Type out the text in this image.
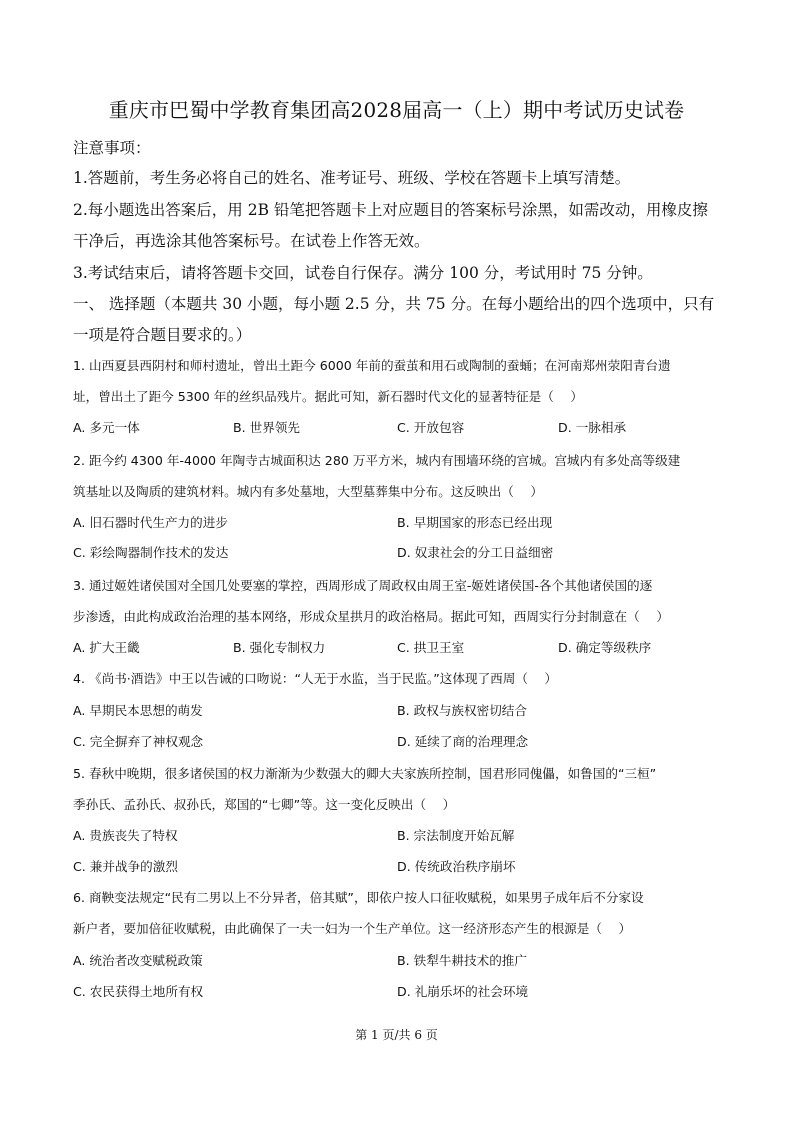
重庆市巴蜀中学教育集团高2028届高一（上）期中考试历史试卷
注意事项：
1.答题前，考生务必将自己的姓名、准考证号、班级、学校在答题卡上填写清楚。
2.每小题选出答案后，用 2B 铅笔把答题卡上对应题目的答案标号涂黑，如需改动，用橡皮擦
干净后，再选涂其他答案标号。在试卷上作答无效。
3.考试结束后，请将答题卡交回，试卷自行保存。满分 100 分，考试用时 75 分钟。
一、 选择题（本题共 30 小题，每小题 2.5 分，共 75 分。在每小题给出的四个选项中，只有
一项是符合题目要求的。）
1. 山西夏县西阴村和师村遗址，曾出土距今 6000 年前的蚕茧和用石或陶制的蚕蛹；在河南郑州荥阳青台遗
址，曾出土了距今 5300 年的丝织品残片。据此可知，新石器时代文化的显著特征是（　 ）
A. 多元一体	B. 世界领先	C. 开放包容	D. 一脉相承
2. 距今约 4300 年-4000 年陶寺古城面积达 280 万平方米，城内有围墙环绕的宫城。宫城内有多处高等级建
筑基址以及陶质的建筑材料。城内有多处墓地，大型墓葬集中分布。这反映出（　 ）
A. 旧石器时代生产力的进步	B. 早期国家的形态已经出现
C. 彩绘陶器制作技术的发达	D. 奴隶社会的分工日益细密
3. 通过姬姓诸侯国对全国几处要塞的掌控，西周形成了周政权由周王室-姬姓诸侯国-各个其他诸侯国的逐
步渗透，由此构成政治治理的基本网络，形成众星拱月的政治格局。据此可知，西周实行分封制意在（　 ）
A. 扩大王畿	B. 强化专制权力	C. 拱卫王室	D. 确定等级秩序
4. 《尚书·酒诰》中王以告诫的口吻说：“人无于水监，当于民监。”这体现了西周（　 ）
A. 早期民本思想的萌发	B. 政权与族权密切结合
C. 完全摒弃了神权观念	D. 延续了商的治理理念
5. 春秋中晚期，很多诸侯国的权力渐渐为少数强大的卿大夫家族所控制，国君形同傀儡，如鲁国的“三桓”
季孙氏、孟孙氏、叔孙氏，郑国的“七卿”等。这一变化反映出（　 ）
A. 贵族丧失了特权	B. 宗法制度开始瓦解
C. 兼并战争的激烈	D. 传统政治秩序崩坏
6. 商鞅变法规定“民有二男以上不分异者，倍其赋”，即依户按人口征收赋税，如果男子成年后不分家设
新户者，要加倍征收赋税，由此确保了一夫一妇为一个生产单位。这一经济形态产生的根源是（　 ）
A. 统治者改变赋税政策	B. 铁犁牛耕技术的推广
C. 农民获得土地所有权	D. 礼崩乐坏的社会环境
第 1 页/共 6 页
